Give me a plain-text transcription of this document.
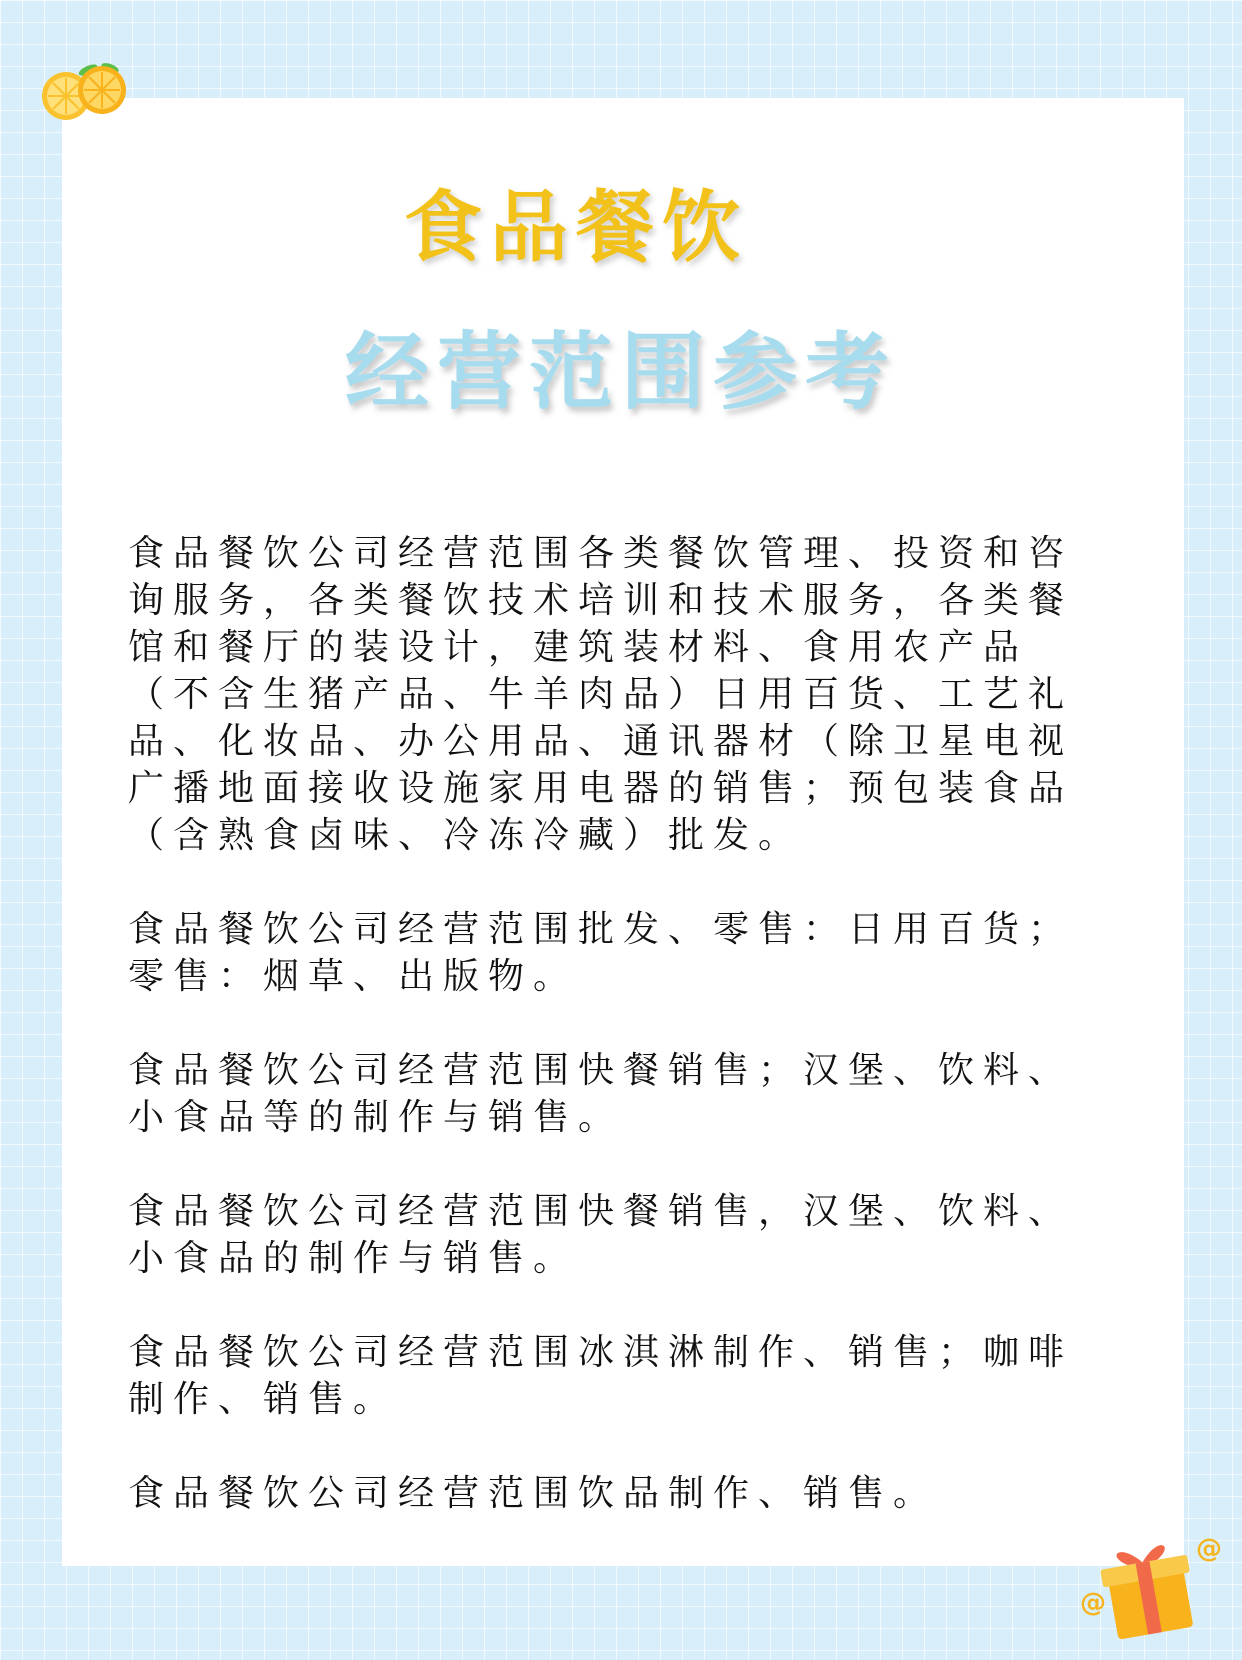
食品餐饮
经营范围参考

食品餐饮公司经营范围各类餐饮管理、投资和咨询服务，各类餐饮技术培训和技术服务，各类餐馆和餐厅的装设计，建筑装材料、食用农产品（不含生猪产品、牛羊肉品）日用百货、工艺礼品、化妆品、办公用品、通讯器材（除卫星电视广播地面接收设施家用电器的销售；预包装食品（含熟食卤味、冷冻冷藏）批发。

食品餐饮公司经营范围批发、零售：日用百货；零售：烟草、出版物。

食品餐饮公司经营范围快餐销售；汉堡、饮料、小食品等的制作与销售。

食品餐饮公司经营范围快餐销售，汉堡、饮料、小食品的制作与销售。

食品餐饮公司经营范围冰淇淋制作、销售；咖啡制作、销售。

食品餐饮公司经营范围饮品制作、销售。

@
@
